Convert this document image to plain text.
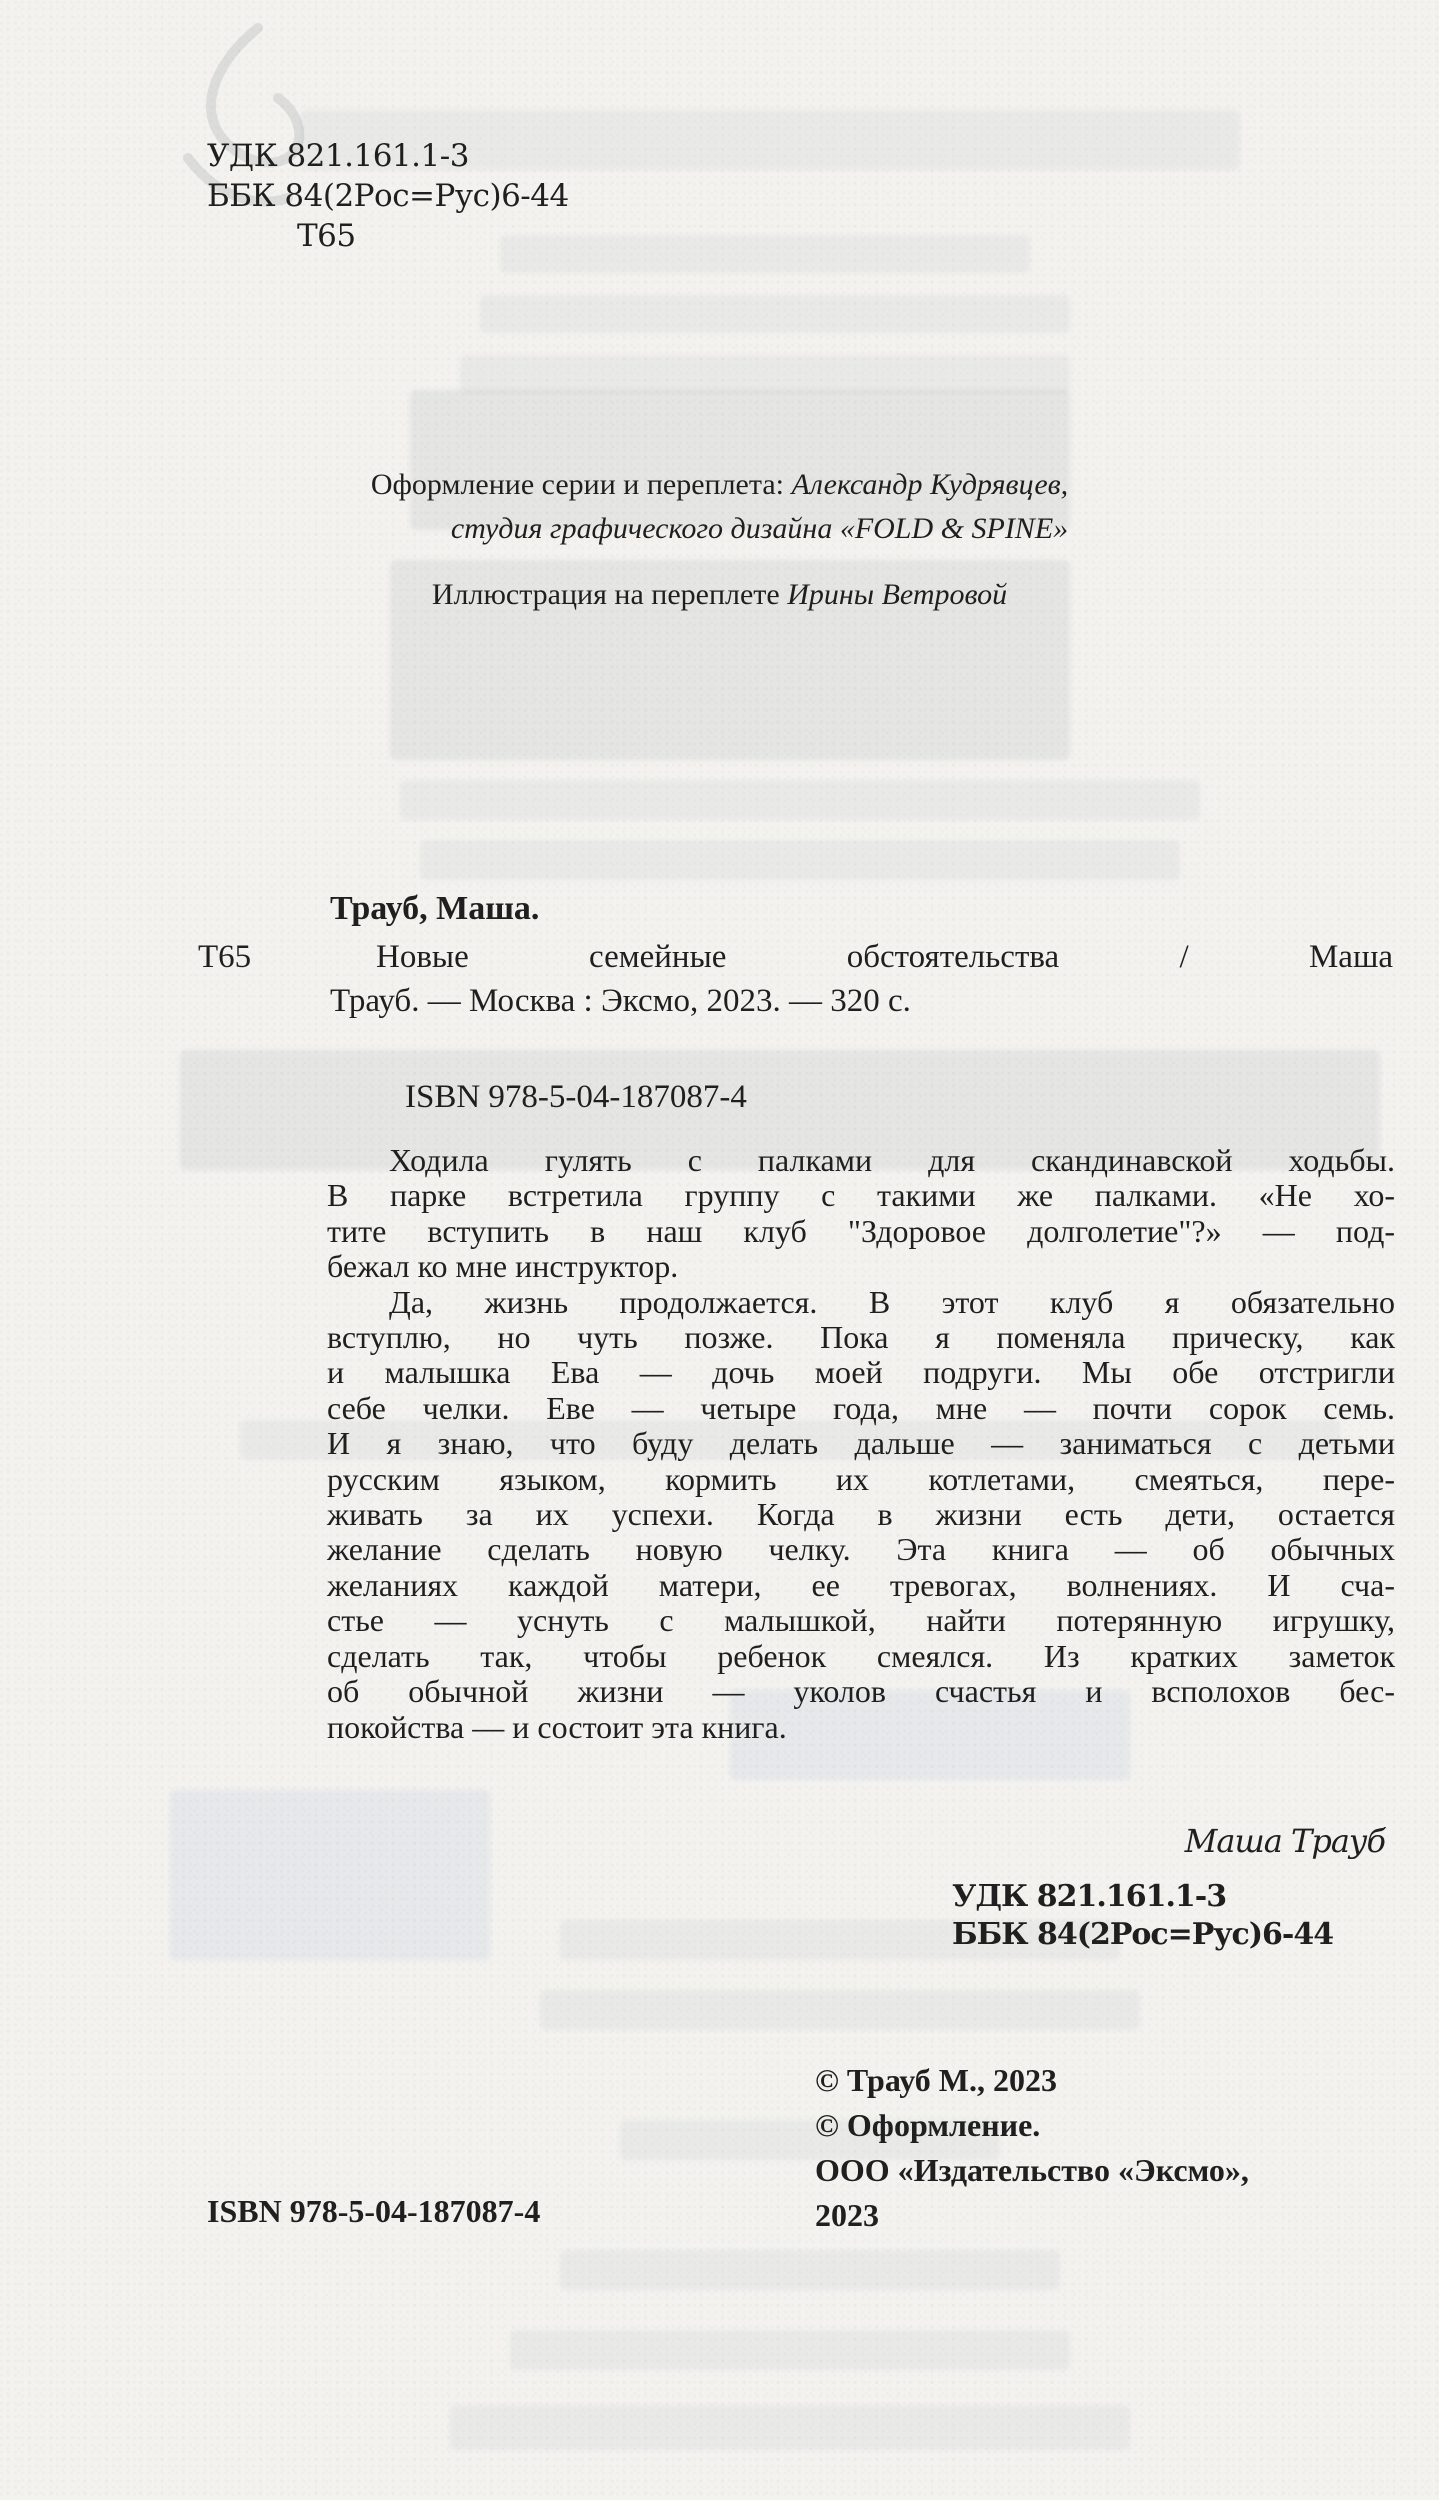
УДК 821.161.1-3
ББК 84(2Рос=Рус)6-44
Т65
Оформление серии и переплета: Александр Кудрявцев,
студия графического дизайна «FOLD & SPINE»
Иллюстрация на переплете Ирины Ветровой
Трауб, Маша.
Т65	Новые	семейные	обстоятельства	/	Маша
Трауб. — Москва : Эксмо, 2023. — 320 с.
ISBN 978-5-04-187087-4
Ходила гулять с палками для скандинавской ходьбы.
В парке встретила группу с такими же палками. «Не хо-
тите вступить в наш клуб "Здоровое долголетие"?» — под-
бежал ко мне инструктор.
Да, жизнь продолжается. В этот клуб я обязательно
вступлю, но чуть позже. Пока я поменяла прическу, как
и малышка Ева — дочь моей подруги. Мы обе отстригли
себе челки. Еве — четыре года, мне — почти сорок семь.
И я знаю, что буду делать дальше — заниматься с детьми
русским языком, кормить их котлетами, смеяться, пере-
живать за их успехи. Когда в жизни есть дети, остается
желание сделать новую челку. Эта книга — об обычных
желаниях каждой матери, ее тревогах, волнениях. И сча-
стье — уснуть с малышкой, найти потерянную игрушку,
сделать так, чтобы ребенок смеялся. Из кратких заметок
об обычной жизни — уколов счастья и всполохов бес-
покойства — и состоит эта книга.
Маша Трауб
УДК 821.161.1-3
ББК 84(2Рос=Рус)6-44
© Трауб М., 2023
© Оформление.
ООО «Издательство «Эксмо»,
2023
ISBN 978-5-04-187087-4
